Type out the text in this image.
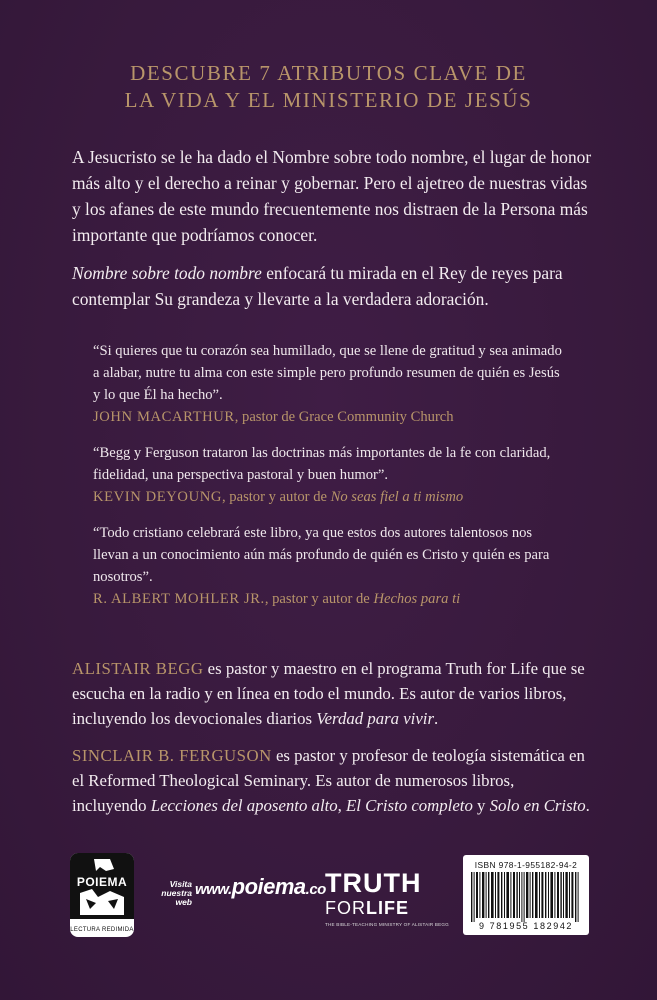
DESCUBRE 7 ATRIBUTOS CLAVE DE
LA VIDA Y EL MINISTERIO DE JESÚS

A Jesucristo se le ha dado el Nombre sobre todo nombre, el lugar de honor más alto y el derecho a reinar y gobernar. Pero el ajetreo de nuestras vidas y los afanes de este mundo frecuentemente nos distraen de la Persona más importante que podríamos conocer.

Nombre sobre todo nombre enfocará tu mirada en el Rey de reyes para contemplar Su grandeza y llevarte a la verdadera adoración.

“Si quieres que tu corazón sea humillado, que se llene de gratitud y sea animado a alabar, nutre tu alma con este simple pero profundo resumen de quién es Jesús y lo que Él ha hecho”.
JOHN MACARTHUR, pastor de Grace Community Church
“Begg y Ferguson trataron las doctrinas más importantes de la fe con claridad, fidelidad, una perspectiva pastoral y buen humor”.
KEVIN DEYOUNG, pastor y autor de No seas fiel a ti mismo
“Todo cristiano celebrará este libro, ya que estos dos autores talentosos nos llevan a un conocimiento aún más profundo de quién es Cristo y quién es para nosotros”.
R. ALBERT MOHLER JR., pastor y autor de Hechos para ti

ALISTAIR BEGG es pastor y maestro en el programa Truth for Life que se escucha en la radio y en línea en todo el mundo. Es autor de varios libros, incluyendo los devocionales diarios Verdad para vivir.

SINCLAIR B. FERGUSON es pastor y profesor de teología sistemática en el Reformed Theological Seminary. Es autor de numerosos libros, incluyendo Lecciones del aposento alto, El Cristo completo y Solo en Cristo.

POIEMA
LECTURA REDIMIDA
Visita
nuestra web
www.poiema.co TRUTH
FORLIFE
THE BIBLE-TEACHING MINISTRY OF ALISTAIR BEGG
ISBN 978-1-955182-94-2
9 781955 182942
